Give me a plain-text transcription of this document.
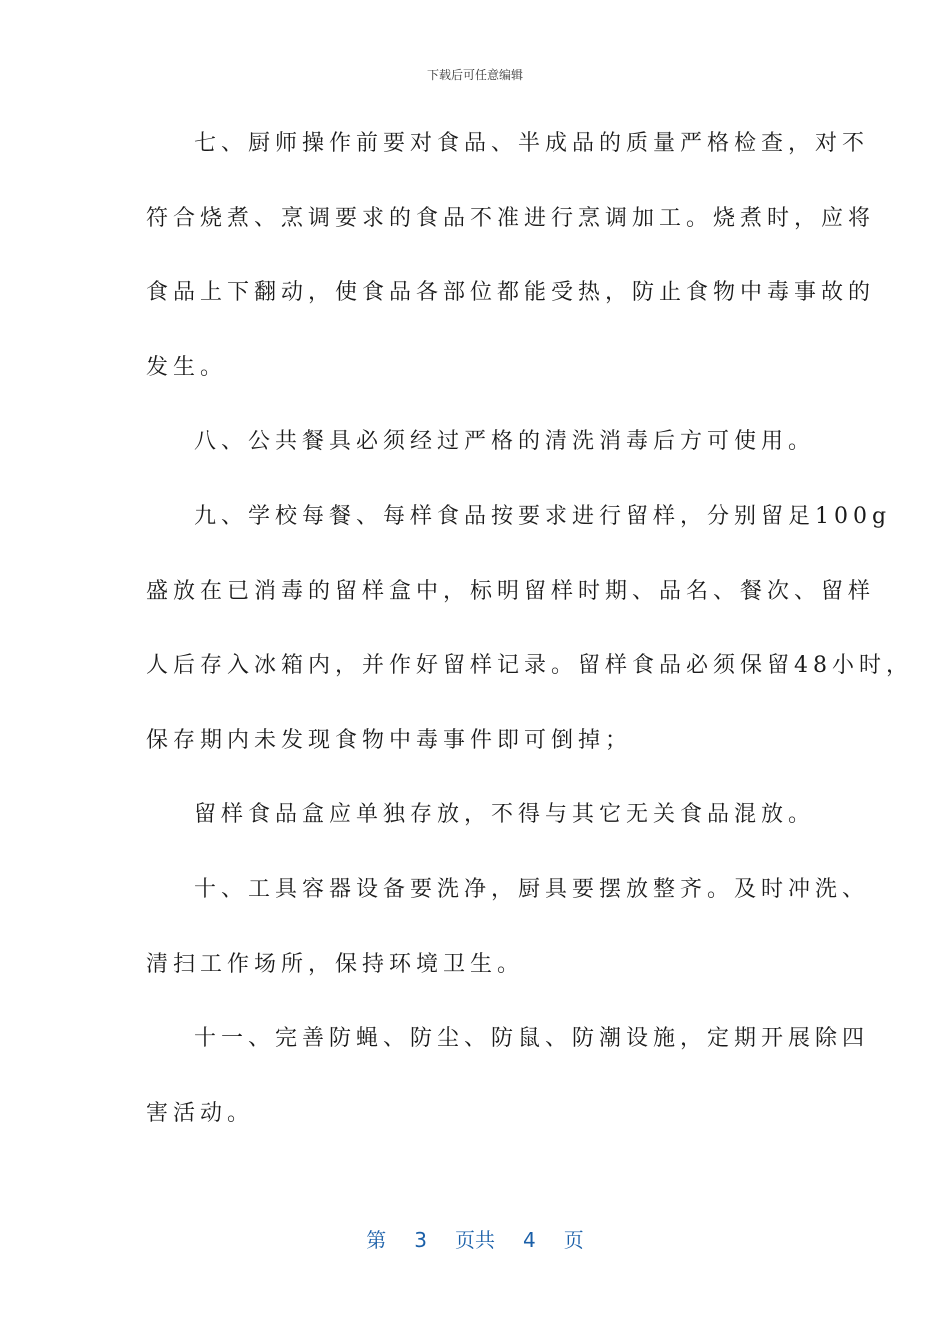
下载后可任意编辑
七、厨师操作前要对食品、半成品的质量严格检查，对不
符合烧煮、烹调要求的食品不准进行烹调加工。烧煮时，应将
食品上下翻动，使食品各部位都能受热，防止食物中毒事故的
发生。
八、公共餐具必须经过严格的清洗消毒后方可使用。
九、学校每餐、每样食品按要求进行留样，分别留足100g
盛放在已消毒的留样盒中，标明留样时期、品名、餐次、留样
人后存入冰箱内，并作好留样记录。留样食品必须保留48小时，
保存期内未发现食物中毒事件即可倒掉；
留样食品盒应单独存放，不得与其它无关食品混放。
十、工具容器设备要洗净，厨具要摆放整齐。及时冲洗、
清扫工作场所，保持环境卫生。
十一、完善防蝇、防尘、防鼠、防潮设施，定期开展除四
害活动。
第 3 页共 4 页
